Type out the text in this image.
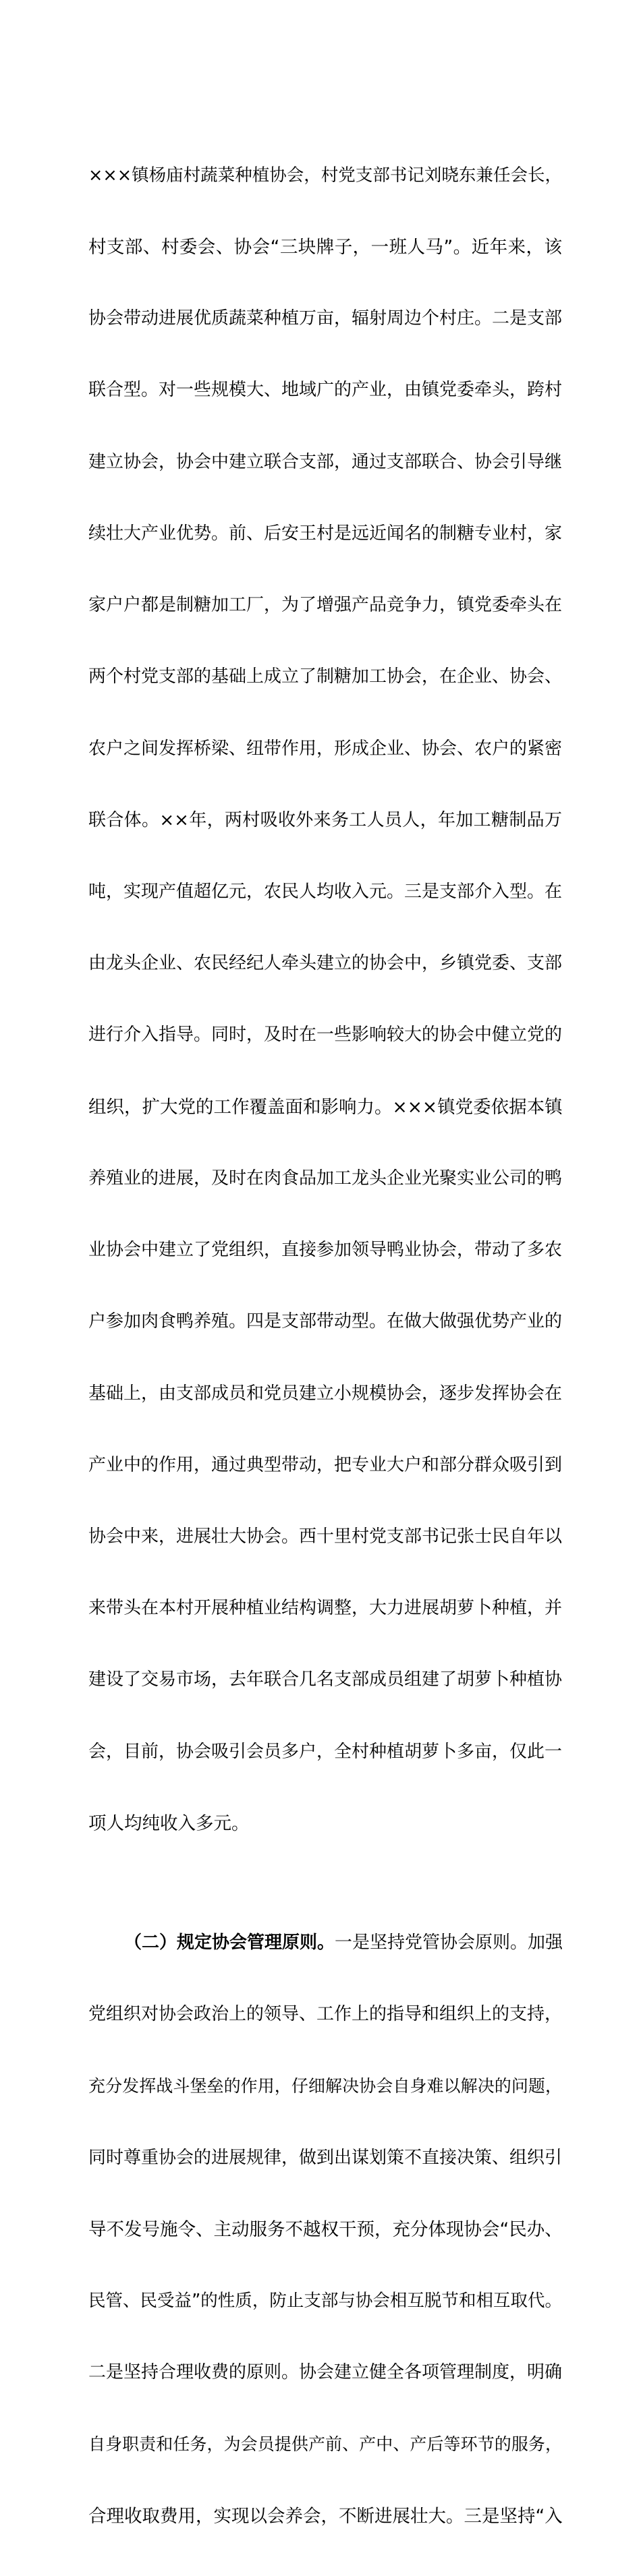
×××镇杨庙村蔬菜种植协会，村党支部书记刘晓东兼任会长，

村支部、村委会、协会“三块牌子，一班人马”。近年来，该

协会带动进展优质蔬菜种植万亩，辐射周边个村庄。二是支部

联合型。对一些规模大、地域广的产业，由镇党委牵头，跨村

建立协会，协会中建立联合支部，通过支部联合、协会引导继

续壮大产业优势。前、后安王村是远近闻名的制糖专业村，家

家户户都是制糖加工厂，为了增强产品竞争力，镇党委牵头在

两个村党支部的基础上成立了制糖加工协会，在企业、协会、

农户之间发挥桥梁、纽带作用，形成企业、协会、农户的紧密

联合体。××年，两村吸收外来务工人员人，年加工糖制品万

吨，实现产值超亿元，农民人均收入元。三是支部介入型。在

由龙头企业、农民经纪人牵头建立的协会中，乡镇党委、支部

进行介入指导。同时，及时在一些影响较大的协会中健立党的

组织，扩大党的工作覆盖面和影响力。×××镇党委依据本镇

养殖业的进展，及时在肉食品加工龙头企业光聚实业公司的鸭

业协会中建立了党组织，直接参加领导鸭业协会，带动了多农

户参加肉食鸭养殖。四是支部带动型。在做大做强优势产业的

基础上，由支部成员和党员建立小规模协会，逐步发挥协会在

产业中的作用，通过典型带动，把专业大户和部分群众吸引到

协会中来，进展壮大协会。西十里村党支部书记张士民自年以

来带头在本村开展种植业结构调整，大力进展胡萝卜种植，并

建设了交易市场，去年联合几名支部成员组建了胡萝卜种植协

会，目前，协会吸引会员多户，全村种植胡萝卜多亩，仅此一

项人均纯收入多元。

（二）规定协会管理原则。一是坚持党管协会原则。加强

党组织对协会政治上的领导、工作上的指导和组织上的支持，

充分发挥战斗堡垒的作用，仔细解决协会自身难以解决的问题，

同时尊重协会的进展规律，做到出谋划策不直接决策、组织引

导不发号施令、主动服务不越权干预，充分体现协会“民办、

民管、民受益”的性质，防止支部与协会相互脱节和相互取代。

二是坚持合理收费的原则。协会建立健全各项管理制度，明确

自身职责和任务，为会员提供产前、产中、产后等环节的服务，

合理收取费用，实现以会养会，不断进展壮大。三是坚持“入
